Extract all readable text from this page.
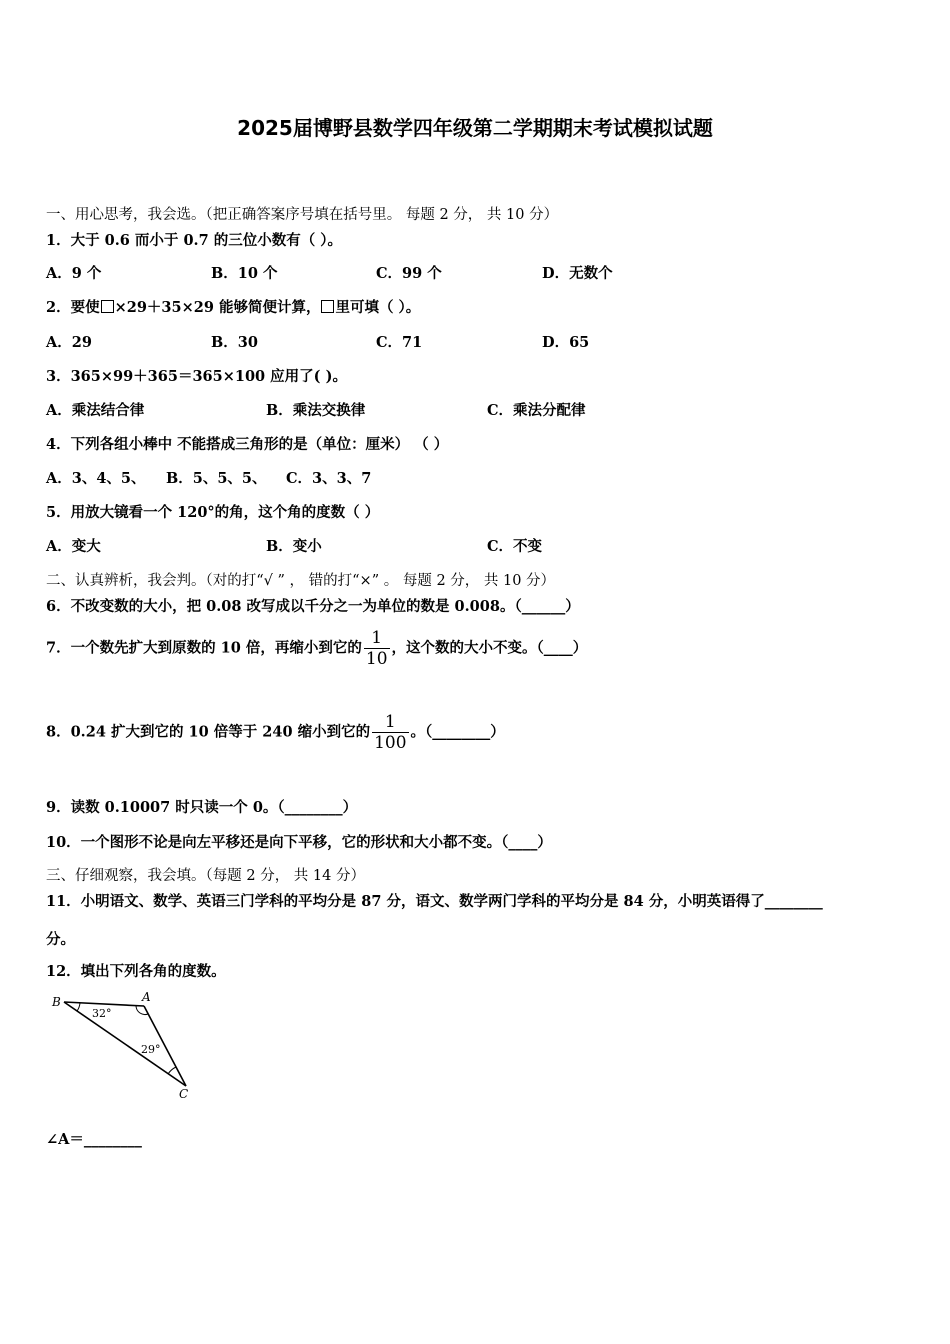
2025届博野县数学四年级第二学期期末考试模拟试题
一、用心思考，我会选。（把正确答案序号填在括号里。 每题 2 分， 共 10 分）
1．大于 0.6 而小于 0.7 的三位小数有（ ）。
A．9 个	B．10 个	C．99 个	D．无数个
2．要使 ×29＋35×29 能够简便计算， 里可填（ ）。
A．29	B．30	C．71	D．65
3．365×99＋365＝365×100 应用了( )。
A．乘法结合律	B．乘法交换律	C．乘法分配律
4．下列各组小棒中 不能搭成三角形的是（单位：厘米） （ ）
A．3、4、5、 B．5、5、5、 C．3、3、7
5．用放大镜看一个 120°的角，这个角的度数（ ）
A．变大	B．变小	C．不变
二、认真辨析，我会判。（对的打“√ ” ， 错的打“×” 。 每题 2 分， 共 10 分）
6．不改变数的大小，把 0.08 改写成以千分之一为单位的数是 0.008。（______）
7．一个数先扩大到原数的 10 倍，再缩小到它的 $\frac{1}{10}$ ，这个数的大小不变。（____）
8．0.24 扩大到它的 10 倍等于 240 缩小到它的 $\frac{1}{100}$ 。（________）
9．读数 0.10007 时只读一个 0。（________）
10．一个图形不论是向左平移还是向下平移，它的形状和大小都不变。（____）
三、仔细观察，我会填。（每题 2 分， 共 14 分）
11．小明语文、数学、英语三门学科的平均分是 87 分，语文、数学两门学科的平均分是 84 分，小明英语得了________
分。
12．填出下列各角的度数。
B	A
C
32°
29°
∠A＝________
